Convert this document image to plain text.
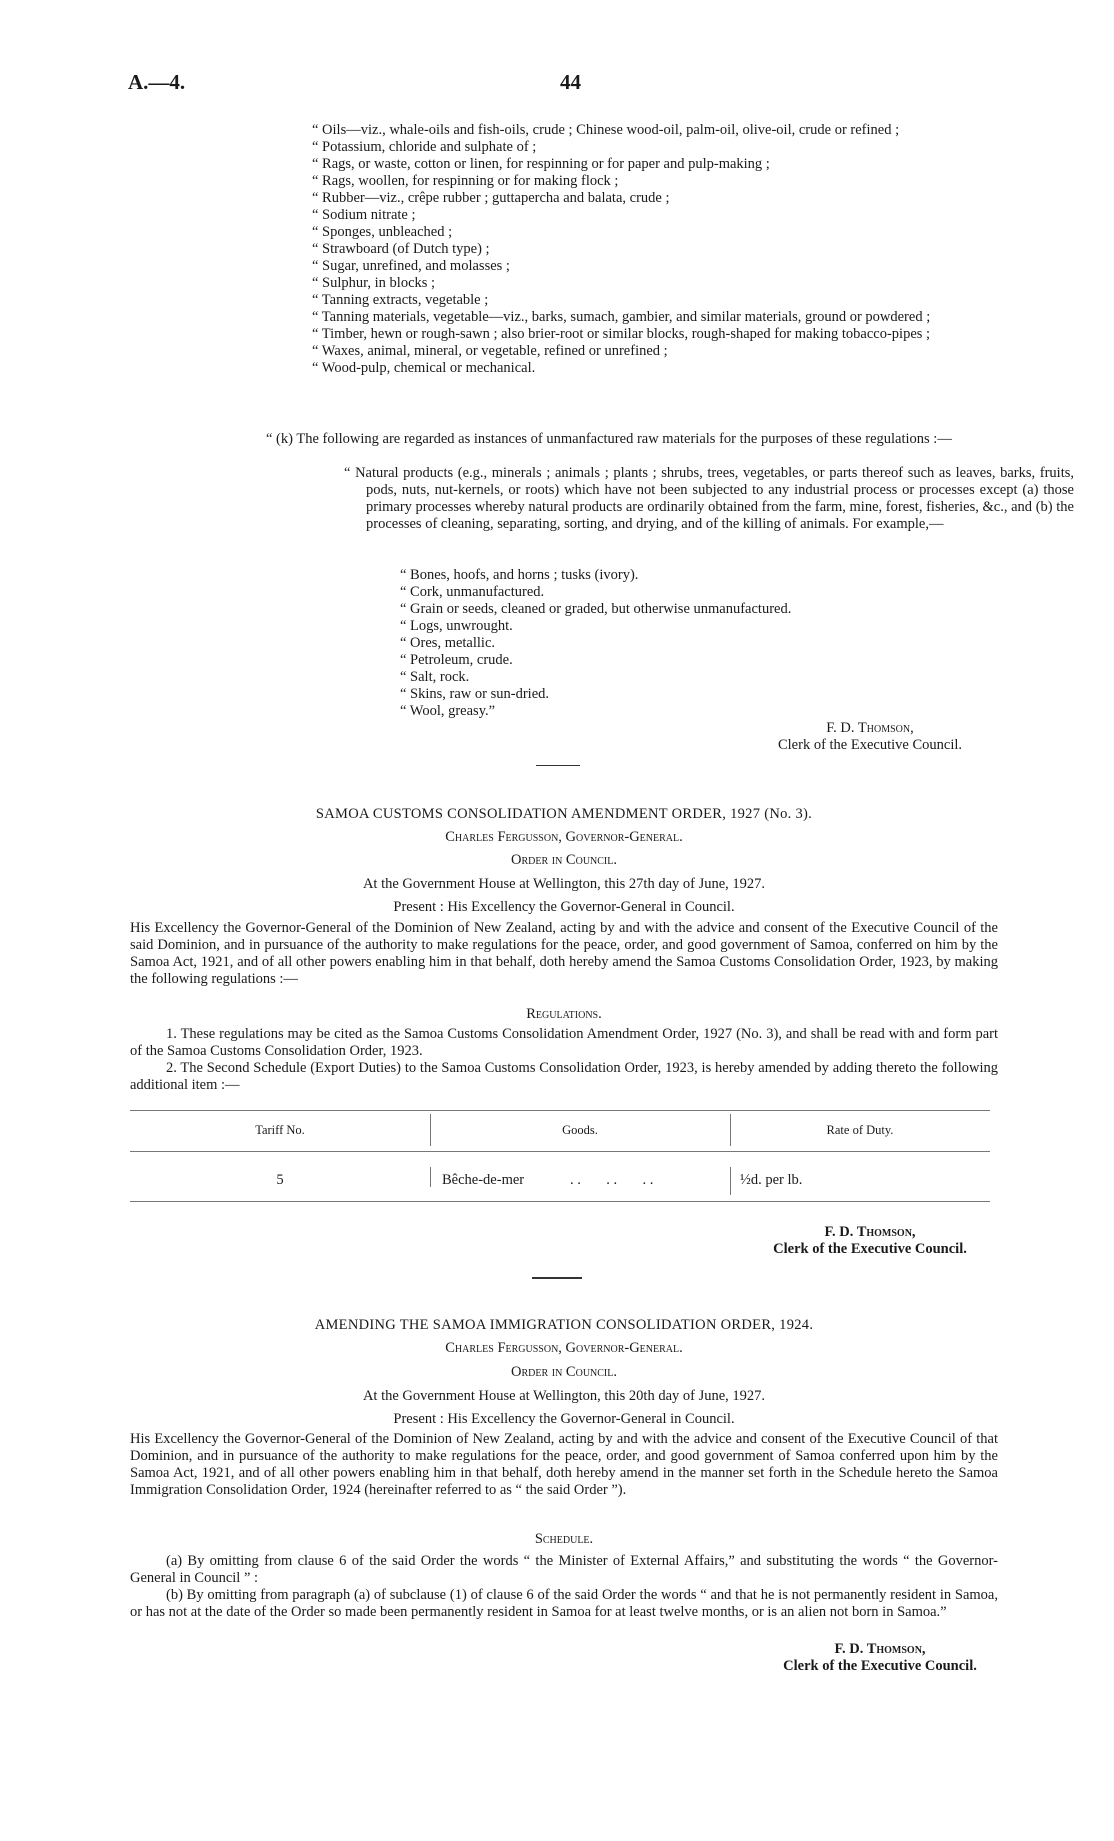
A.—4.	44
“ Oils—viz., whale-oils and fish-oils, crude ; Chinese wood-oil, palm-oil, olive-oil, crude or refined ;
“ Potassium, chloride and sulphate of ;
“ Rags, or waste, cotton or linen, for respinning or for paper and pulp-making ;
“ Rags, woollen, for respinning or for making flock ;
“ Rubber—viz., crêpe rubber ; guttapercha and balata, crude ;
“ Sodium nitrate ;
“ Sponges, unbleached ;
“ Strawboard (of Dutch type) ;
“ Sugar, unrefined, and molasses ;
“ Sulphur, in blocks ;
“ Tanning extracts, vegetable ;
“ Tanning materials, vegetable—viz., barks, sumach, gambier, and similar materials, ground or powdered ;
“ Timber, hewn or rough-sawn ; also brier-root or similar blocks, rough-shaped for making tobacco-pipes ;
“ Waxes, animal, mineral, or vegetable, refined or unrefined ;
“ Wood-pulp, chemical or mechanical.
“ (k) The following are regarded as instances of unmanfactured raw materials for the purposes of these regulations :—
“ Natural products (e.g., minerals ; animals ; plants ; shrubs, trees, vegetables, or parts thereof such as leaves, barks, fruits, pods, nuts, nut-kernels, or roots) which have not been subjected to any industrial process or processes except (a) those primary processes whereby natural products are ordinarily obtained from the farm, mine, forest, fisheries, &c., and (b) the processes of cleaning, separating, sorting, and drying, and of the killing of animals. For example,—
“ Bones, hoofs, and horns ; tusks (ivory).
“ Cork, unmanufactured.
“ Grain or seeds, cleaned or graded, but otherwise unmanufactured.
“ Logs, unwrought.
“ Ores, metallic.
“ Petroleum, crude.
“ Salt, rock.
“ Skins, raw or sun-dried.
“ Wool, greasy.”
F. D. Thomson,
Clerk of the Executive Council.
SAMOA CUSTOMS CONSOLIDATION AMENDMENT ORDER, 1927 (No. 3).
Charles Fergusson, Governor-General.
Order in Council.
At the Government House at Wellington, this 27th day of June, 1927.
Present : His Excellency the Governor-General in Council.
His Excellency the Governor-General of the Dominion of New Zealand, acting by and with the advice and consent of the Executive Council of the said Dominion, and in pursuance of the authority to make regulations for the peace, order, and good government of Samoa, conferred on him by the Samoa Act, 1921, and of all other powers enabling him in that behalf, doth hereby amend the Samoa Customs Consolidation Order, 1923, by making the following regulations :—
Regulations.
1. These regulations may be cited as the Samoa Customs Consolidation Amendment Order, 1927 (No. 3), and shall be read with and form part of the Samoa Customs Consolidation Order, 1923.
2. The Second Schedule (Export Duties) to the Samoa Customs Consolidation Order, 1923, is hereby amended by adding thereto the following additional item :—
Tariff No.	Goods.	Rate of Duty.
5	Bêche-de-mer	. .       . .       . .	½d. per lb.
F. D. Thomson,
Clerk of the Executive Council.
AMENDING THE SAMOA IMMIGRATION CONSOLIDATION ORDER, 1924.
Charles Fergusson, Governor-General.
Order in Council.
At the Government House at Wellington, this 20th day of June, 1927.
Present : His Excellency the Governor-General in Council.
His Excellency the Governor-General of the Dominion of New Zealand, acting by and with the advice and consent of the Executive Council of that Dominion, and in pursuance of the authority to make regulations for the peace, order, and good government of Samoa conferred upon him by the Samoa Act, 1921, and of all other powers enabling him in that behalf, doth hereby amend in the manner set forth in the Schedule hereto the Samoa Immigration Consolidation Order, 1924 (hereinafter referred to as “ the said Order ”).
Schedule.
(a) By omitting from clause 6 of the said Order the words “ the Minister of External Affairs,” and substituting the words “ the Governor-General in Council ” :
(b) By omitting from paragraph (a) of subclause (1) of clause 6 of the said Order the words “ and that he is not permanently resident in Samoa, or has not at the date of the Order so made been permanently resident in Samoa for at least twelve months, or is an alien not born in Samoa.”
F. D. Thomson,
Clerk of the Executive Council.
